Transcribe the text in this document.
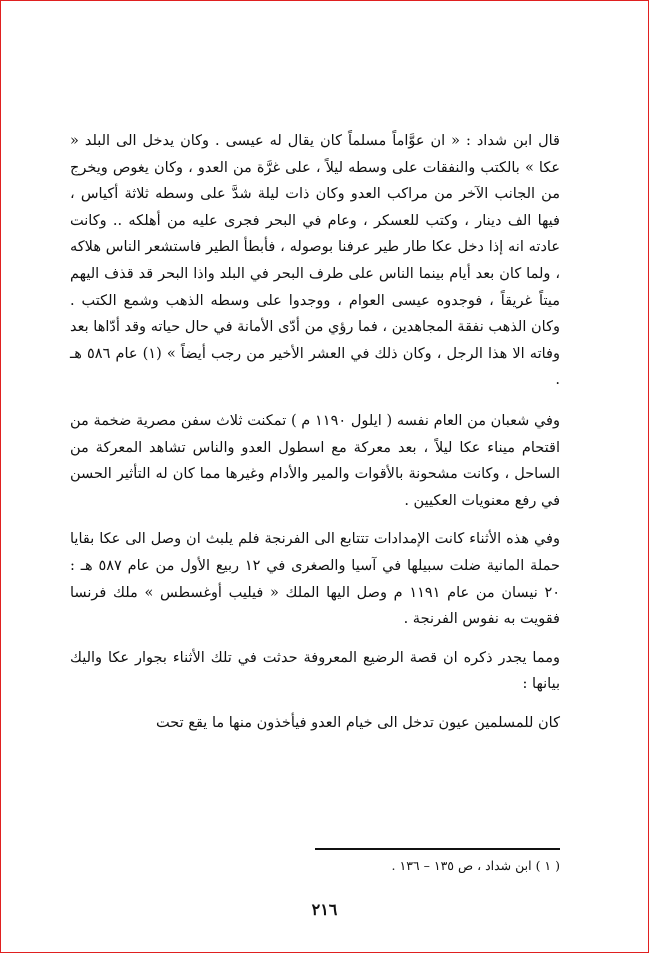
قال ابن شداد : « ان عوَّاماً مسلماً كان يقال له عيسى . وكان يدخل الى البلد « عكا » بالكتب والنفقات على وسطه ليلاً ، على غرَّة من العدو ، وكان يغوص ويخرج من الجانب الآخر من مراكب العدو وكان ذات ليلة شدَّ على وسطه ثلاثة أكياس ، فيها الف دينار ، وكتب للعسكر ، وعام في البحر فجرى عليه من أهلكه .. وكانت عادته انه إذا دخل عكا طار طير عرفنا بوصوله ، فأبطأ الطير فاستشعر الناس هلاكه ، ولما كان بعد أيام بينما الناس على طرف البحر في البلد واذا البحر قد قذف اليهم ميتاً غريقاً ، فوجدوه عيسى العوام ، ووجدوا على وسطه الذهب وشمع الكتب . وكان الذهب نفقة المجاهدين ، فما رؤي من أدّى الأمانة في حال حياته وقد أدّاها بعد وفاته الا هذا الرجل ، وكان ذلك في العشر الأخير من رجب أيضاً » (١) عام ٥٨٦ هـ .

وفي شعبان من العام نفسه ( ايلول ١١٩٠ م ) تمكنت ثلاث سفن مصرية ضخمة من اقتحام ميناء عكا ليلاً ، بعد معركة مع اسطول العدو والناس تشاهد المعركة من الساحل ، وكانت مشحونة بالأقوات والمير والأدام وغيرها مما كان له التأثير الحسن في رفع معنويات العكيين .

وفي هذه الأثناء كانت الإمدادات تتتابع الى الفرنجة فلم يلبث ان وصل الى عكا بقايا حملة المانية ضلت سبيلها في آسيا والصغرى في ١٢ ربيع الأول من عام ٥٨٧ هـ : ٢٠ نيسان من عام ١١٩١ م وصل اليها الملك « فيليب أوغسطس » ملك فرنسا فقويت به نفوس الفرنجة .

ومما يجدر ذكره ان قصة الرضيع المعروفة حدثت في تلك الأثناء بجوار عكا واليك بيانها :

كان للمسلمين عيون تدخل الى خيام العدو فيأخذون منها ما يقع تحت

( ١ ) ابن شداد ، ص ١٣٥ – ١٣٦ .
٢١٦
